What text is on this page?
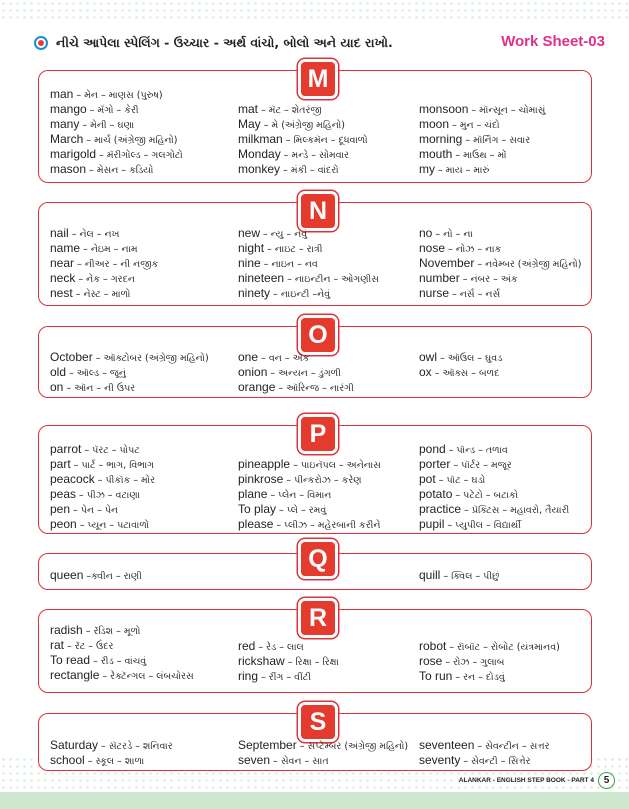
નીચે આપેલા સ્પેલિંગ - ઉચ્ચાર - અર્થ વાંચો, બોલો અને યાદ રાખો.	Work Sheet-03
M
man – મેન – માણસ (પુરુષ)
mango – મૅંગો – કેરી
many – મેની – ઘણા
March – માર્ચ (અંગ્રેજી મહિનો)
marigold – મૅરીગોલ્ડ – ગલગોટો
mason – મેસન – કડિયો
mat – મૅટ – શેતરંજી
May – મે (અંગ્રેજી મહિનો)
milkman – મિલ્કમૅન – દૂધવાળો
Monday – મન્ડે – સોમવાર
monkey – મંકી – વાંદરો
monsoon – મૉન્સૂન – ચોમાસું
moon – મુન – ચંદો
morning – મૉર્નિંગ – સવાર
mouth – માઉથ – મોં
my – માય – મારું
N
nail – નેલ – નખ
name – નેઇમ – નામ
near – નીઅર – ની નજીક
neck – નેક – ગરદન
nest – નેસ્ટ – માળો
new – ન્યુ – નવું
night – નાઇટ – રાત્રી
nine – નાઇન – નવ
nineteen – નાઇન્ટીન – ઓગણીસ
ninety – નાઇન્ટી –નેવું
no – નો – ના
nose – નોઝ – નાક
November – નવેમ્બર (અંગ્રેજી મહિનો)
number – નંબર – અંક
nurse – નર્સ – નર્સ
O
October – ઑક્ટોબર (અંગ્રેજી મહિનો)
old – ઑલ્ડ – જૂનું
on – ઑન – ની ઉપર
one – વન – એક
onion – અન્યન – ડુંગળી
orange – ઑરિન્જ – નારંગી
owl – ઑઉલ – ઘુવડ
ox – ઑક્સ – બળદ
P
parrot – પૅરટ – પોપટ
part – પાર્ટ – ભાગ, વિભાગ
peacock – પીકૉક – મોર
peas – પીઝ – વટાણા
pen – પેન – પેન
peon – પ્યૂન – પટાવાળો
pineapple – પાઇનૅપલ – અનેનાસ
pinkrose – પીન્કરોઝ – કરેણ
plane – પ્લેન – વિમાન
To play – પ્લે – રમવું
please – પ્લીઝ – મહેરબાની કરીને
pond – પૉન્ડ – તળાવ
porter – પૉર્ટર – મજૂર
pot – પૉટ – ઘડો
potato – પટેટો – બટાકો
practice – પ્રૅક્ટિસ – મહાવરો, તૈયારી
pupil – પ્યુપીલ – વિદ્યાર્થી
Q
queen –ક્વીન – રાણી	quill – ક્વિલ – પીછું
R
radish – રૅડિશ – મૂળો
rat – રૅટ – ઉંદર
To read – રીડ – વાંચવું
rectangle – રેક્ટૅન્ગલ – લંબચોરસ
red – રેડ – લાલ
rickshaw – રિક્ષા – રિક્ષા
ring – રીંગ – વીંટી
robot – રૉબૉટ – રોબોટ (યંત્રમાનવ)
rose – રોઝ – ગુલાબ
To run – રન – દોડવું
S
Saturday – સૅટરડે – શનિવાર
school – સ્કૂલ – શાળા
September – સપ્ટેમ્બર (અંગ્રેજી મહિનો)
seven – સેવન – સાત
seventeen – સેવન્ટીન – સત્તર
seventy – સેવન્ટી – સિત્તેર
ALANKAR - ENGLISH STEP BOOK - PART 4 5
